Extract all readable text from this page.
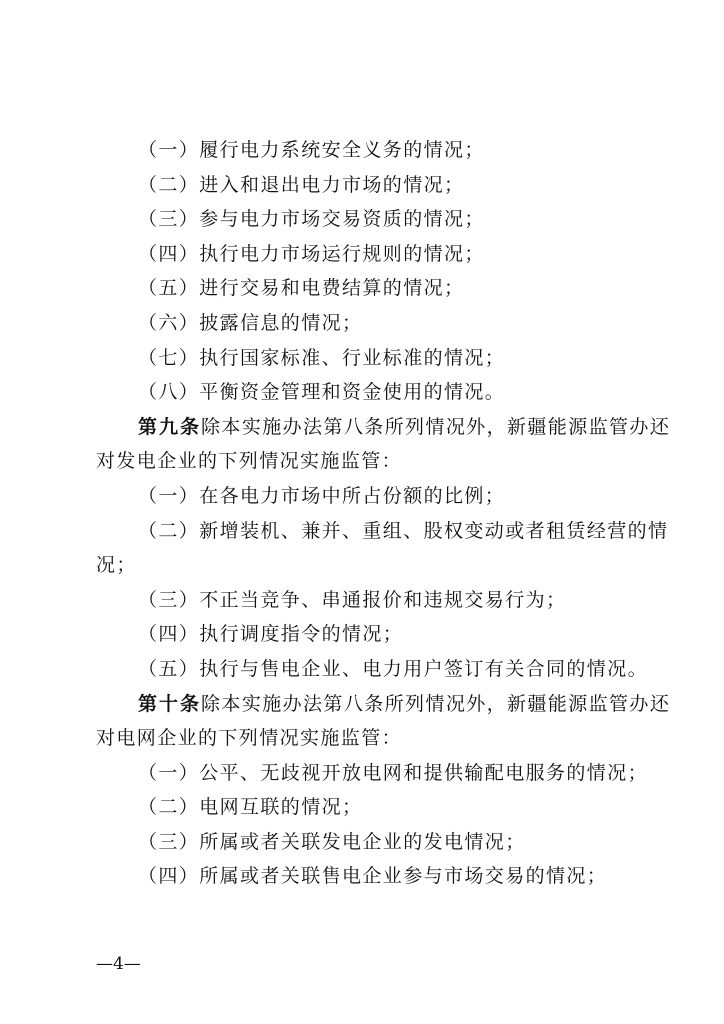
（一）履行电力系统安全义务的情况；
（二）进入和退出电力市场的情况；
（三）参与电力市场交易资质的情况；
（四）执行电力市场运行规则的情况；
（五）进行交易和电费结算的情况；
（六）披露信息的情况；
（七）执行国家标准、行业标准的情况；
（八）平衡资金管理和资金使用的情况。
第九条除本实施办法第八条所列情况外，新疆能源监管办还
对发电企业的下列情况实施监管：
（一）在各电力市场中所占份额的比例；
（二）新增装机、兼并、重组、股权变动或者租赁经营的情
况；
（三）不正当竞争、串通报价和违规交易行为；
（四）执行调度指令的情况；
（五）执行与售电企业、电力用户签订有关合同的情况。
第十条除本实施办法第八条所列情况外，新疆能源监管办还
对电网企业的下列情况实施监管：
（一）公平、无歧视开放电网和提供输配电服务的情况；
（二）电网互联的情况；
（三）所属或者关联发电企业的发电情况；
（四）所属或者关联售电企业参与市场交易的情况；
—4—
